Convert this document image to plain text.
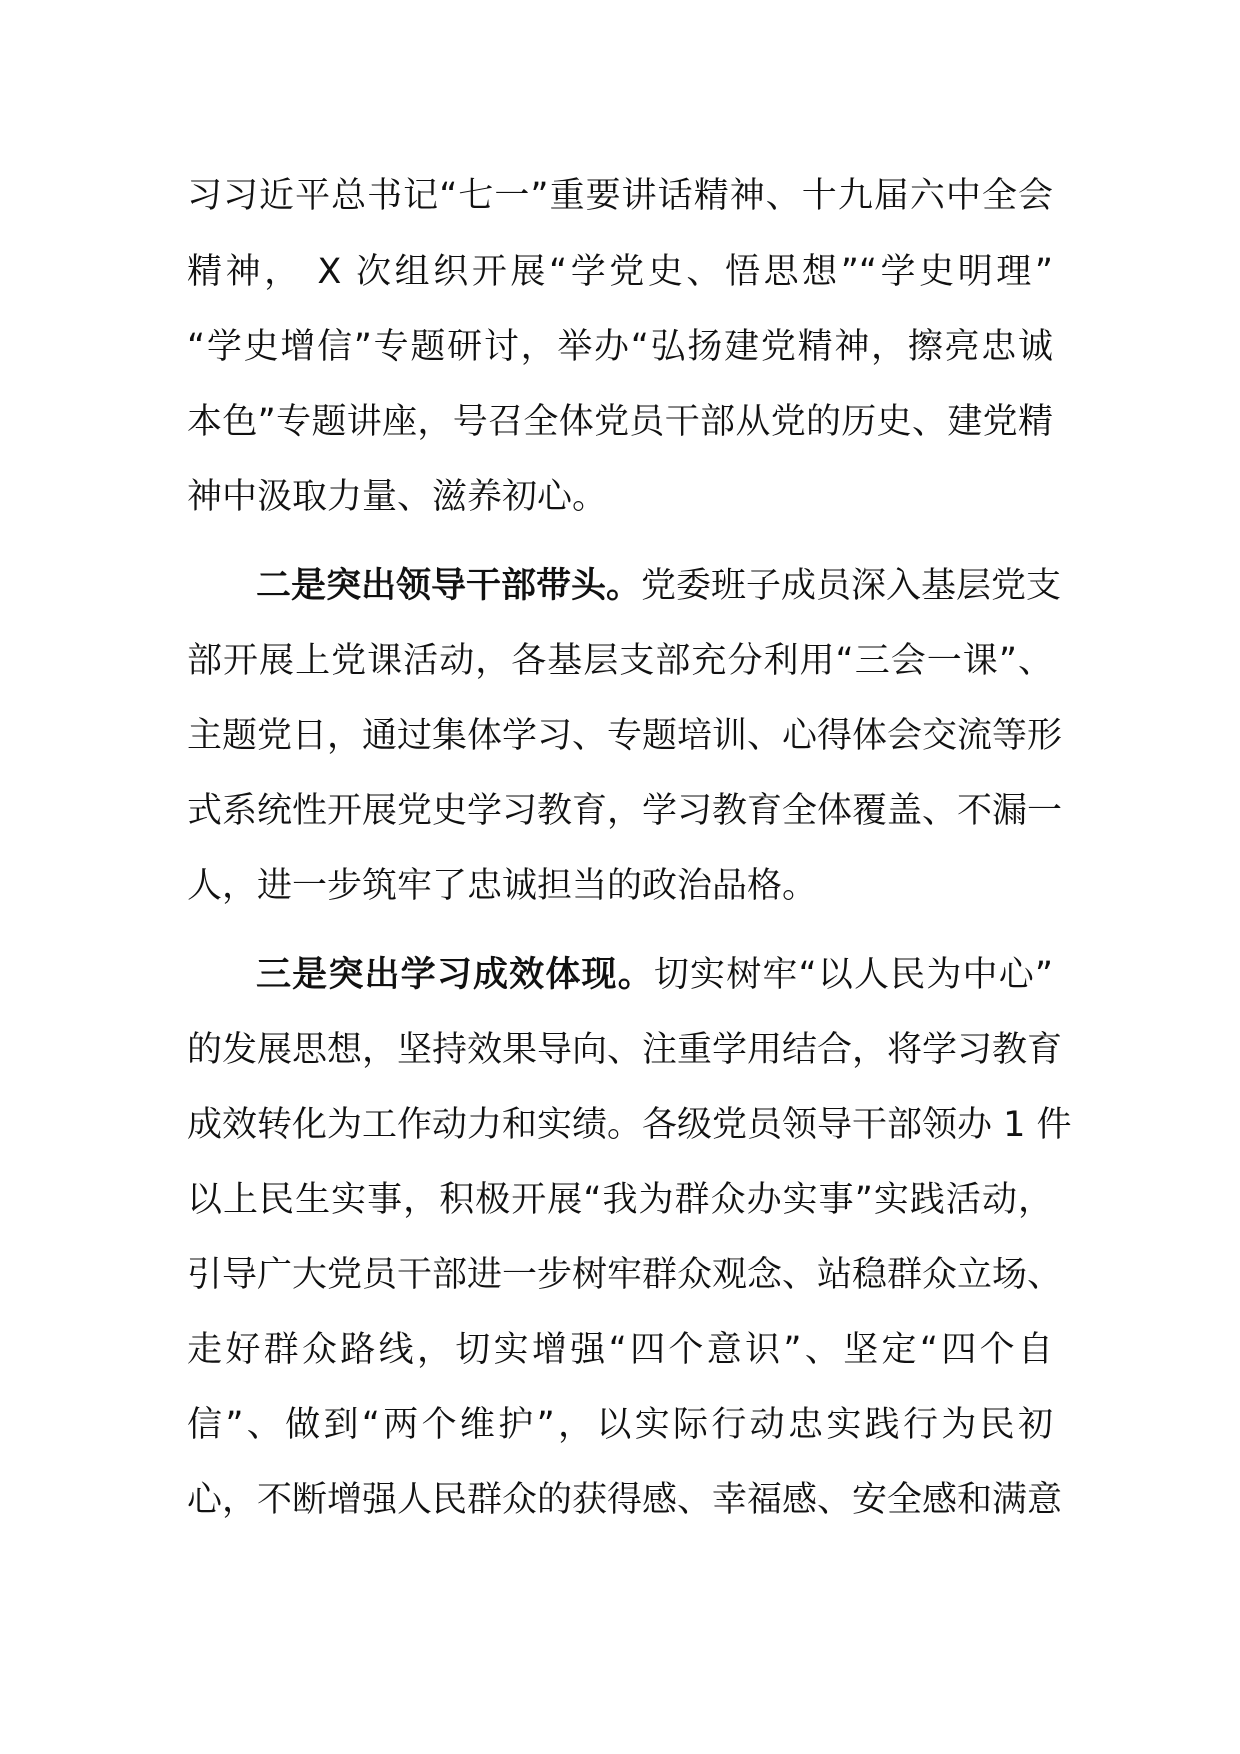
习习近平总书记“七一”重要讲话精神、十九届六中全会
精神， X 次组织开展“学党史、悟思想”“学史明理”
“学史增信”专题研讨，举办“弘扬建党精神，擦亮忠诚
本色”专题讲座，号召全体党员干部从党的历史、建党精
神中汲取力量、滋养初心。
二是突出领导干部带头。党委班子成员深入基层党支
部开展上党课活动，各基层支部充分利用“三会一课”、
主题党日，通过集体学习、专题培训、心得体会交流等形
式系统性开展党史学习教育，学习教育全体覆盖、不漏一
人，进一步筑牢了忠诚担当的政治品格。
三是突出学习成效体现。切实树牢“以人民为中心”
的发展思想，坚持效果导向、注重学用结合，将学习教育
成效转化为工作动力和实绩。各级党员领导干部领办 1 件
以上民生实事，积极开展“我为群众办实事”实践活动，
引导广大党员干部进一步树牢群众观念、站稳群众立场、
走好群众路线，切实增强“四个意识”、坚定“四个自
信”、做到“两个维护”，以实际行动忠实践行为民初
心，不断增强人民群众的获得感、幸福感、安全感和满意
